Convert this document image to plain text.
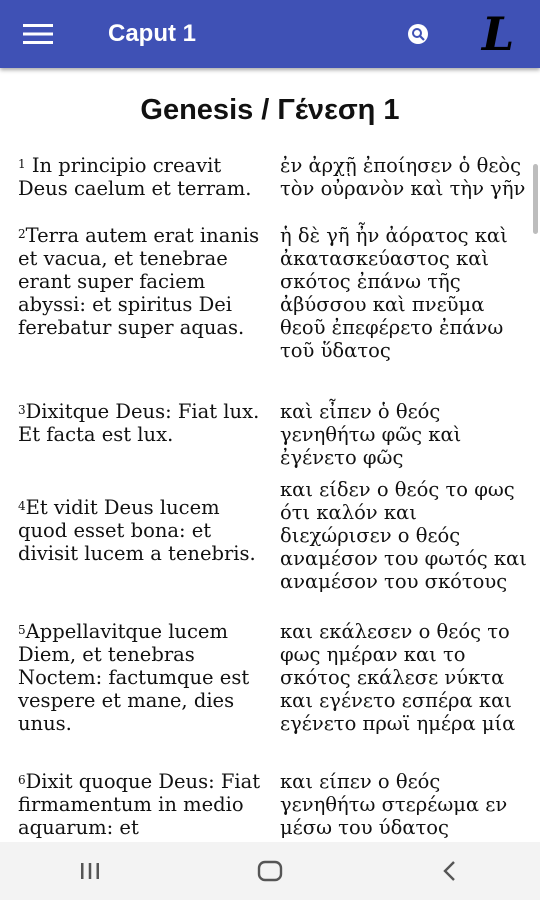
Caput 1	L
Genesis / Γένεση 1
$^1$ In principio creavit Deus caelum et terram.
ἐν ἀρχῇ ἐποίησεν ὁ θεὸς τὸν οὐρανὸν καὶ τὴν γῆν
$^2$Terra autem erat inanis et vacua, et tenebrae erant super faciem abyssi: et spiritus Dei ferebatur super aquas.
ἡ δὲ γῆ ἦν ἀόρατος καὶ ἀκατασκεύαστος καὶ σκότος ἐπάνω τῆς ἀβύσσου καὶ πνεῦμα θεοῦ ἐπεφέρετο ἐπάνω τοῦ ὕδατος
$^3$Dixitque Deus: Fiat lux. Et facta est lux.
καὶ εἶπεν ὁ θεός γενηθήτω φῶς καὶ ἐγένετο φῶς
$^4$Et vidit Deus lucem quod esset bona: et divisit lucem a tenebris.
και είδεν ο θεός το φως ότι καλόν και διεχώρισεν ο θεός αναμέσον του φωτός και αναμέσον του σκότους
$^5$Appellavitque lucem Diem, et tenebras Noctem: factumque est vespere et mane, dies unus.
και εκάλεσεν ο θεός το φως ημέραν και το σκότος εκάλεσε νύκτα και εγένετο εσπέρα και εγένετο πρωϊ ημέρα μία
$^6$Dixit quoque Deus: Fiat firmamentum in medio aquarum: et
και είπεν ο θεός γενηθήτω στερέωμα εν μέσω του ύδατος
